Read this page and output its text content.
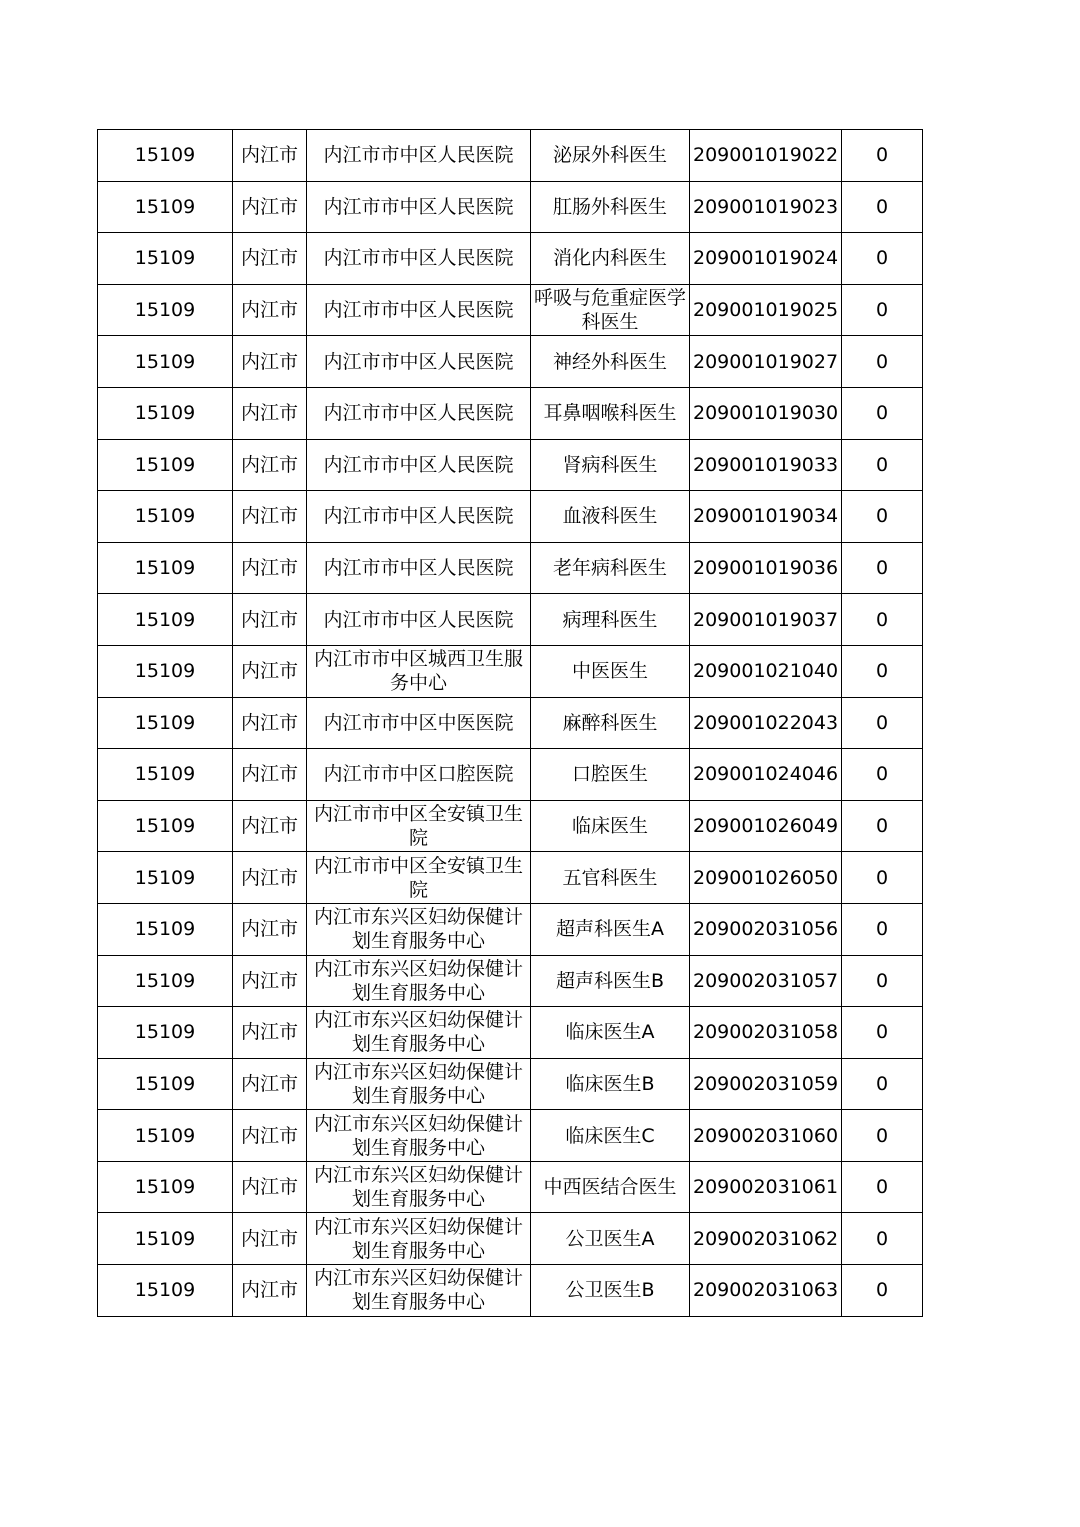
15109	内江市	内江市市中区人民医院	泌尿外科医生	209001019022	0
15109	内江市	内江市市中区人民医院	肛肠外科医生	209001019023	0
15109	内江市	内江市市中区人民医院	消化内科医生	209001019024	0
15109	内江市	内江市市中区人民医院	呼吸与危重症医学科医生	209001019025	0
15109	内江市	内江市市中区人民医院	神经外科医生	209001019027	0
15109	内江市	内江市市中区人民医院	耳鼻咽喉科医生	209001019030	0
15109	内江市	内江市市中区人民医院	肾病科医生	209001019033	0
15109	内江市	内江市市中区人民医院	血液科医生	209001019034	0
15109	内江市	内江市市中区人民医院	老年病科医生	209001019036	0
15109	内江市	内江市市中区人民医院	病理科医生	209001019037	0
15109	内江市	内江市市中区城西卫生服务中心	中医医生	209001021040	0
15109	内江市	内江市市中区中医医院	麻醉科医生	209001022043	0
15109	内江市	内江市市中区口腔医院	口腔医生	209001024046	0
15109	内江市	内江市市中区全安镇卫生院	临床医生	209001026049	0
15109	内江市	内江市市中区全安镇卫生院	五官科医生	209001026050	0
15109	内江市	内江市东兴区妇幼保健计划生育服务中心	超声科医生A	209002031056	0
15109	内江市	内江市东兴区妇幼保健计划生育服务中心	超声科医生B	209002031057	0
15109	内江市	内江市东兴区妇幼保健计划生育服务中心	临床医生A	209002031058	0
15109	内江市	内江市东兴区妇幼保健计划生育服务中心	临床医生B	209002031059	0
15109	内江市	内江市东兴区妇幼保健计划生育服务中心	临床医生C	209002031060	0
15109	内江市	内江市东兴区妇幼保健计划生育服务中心	中西医结合医生	209002031061	0
15109	内江市	内江市东兴区妇幼保健计划生育服务中心	公卫医生A	209002031062	0
15109	内江市	内江市东兴区妇幼保健计划生育服务中心	公卫医生B	209002031063	0
